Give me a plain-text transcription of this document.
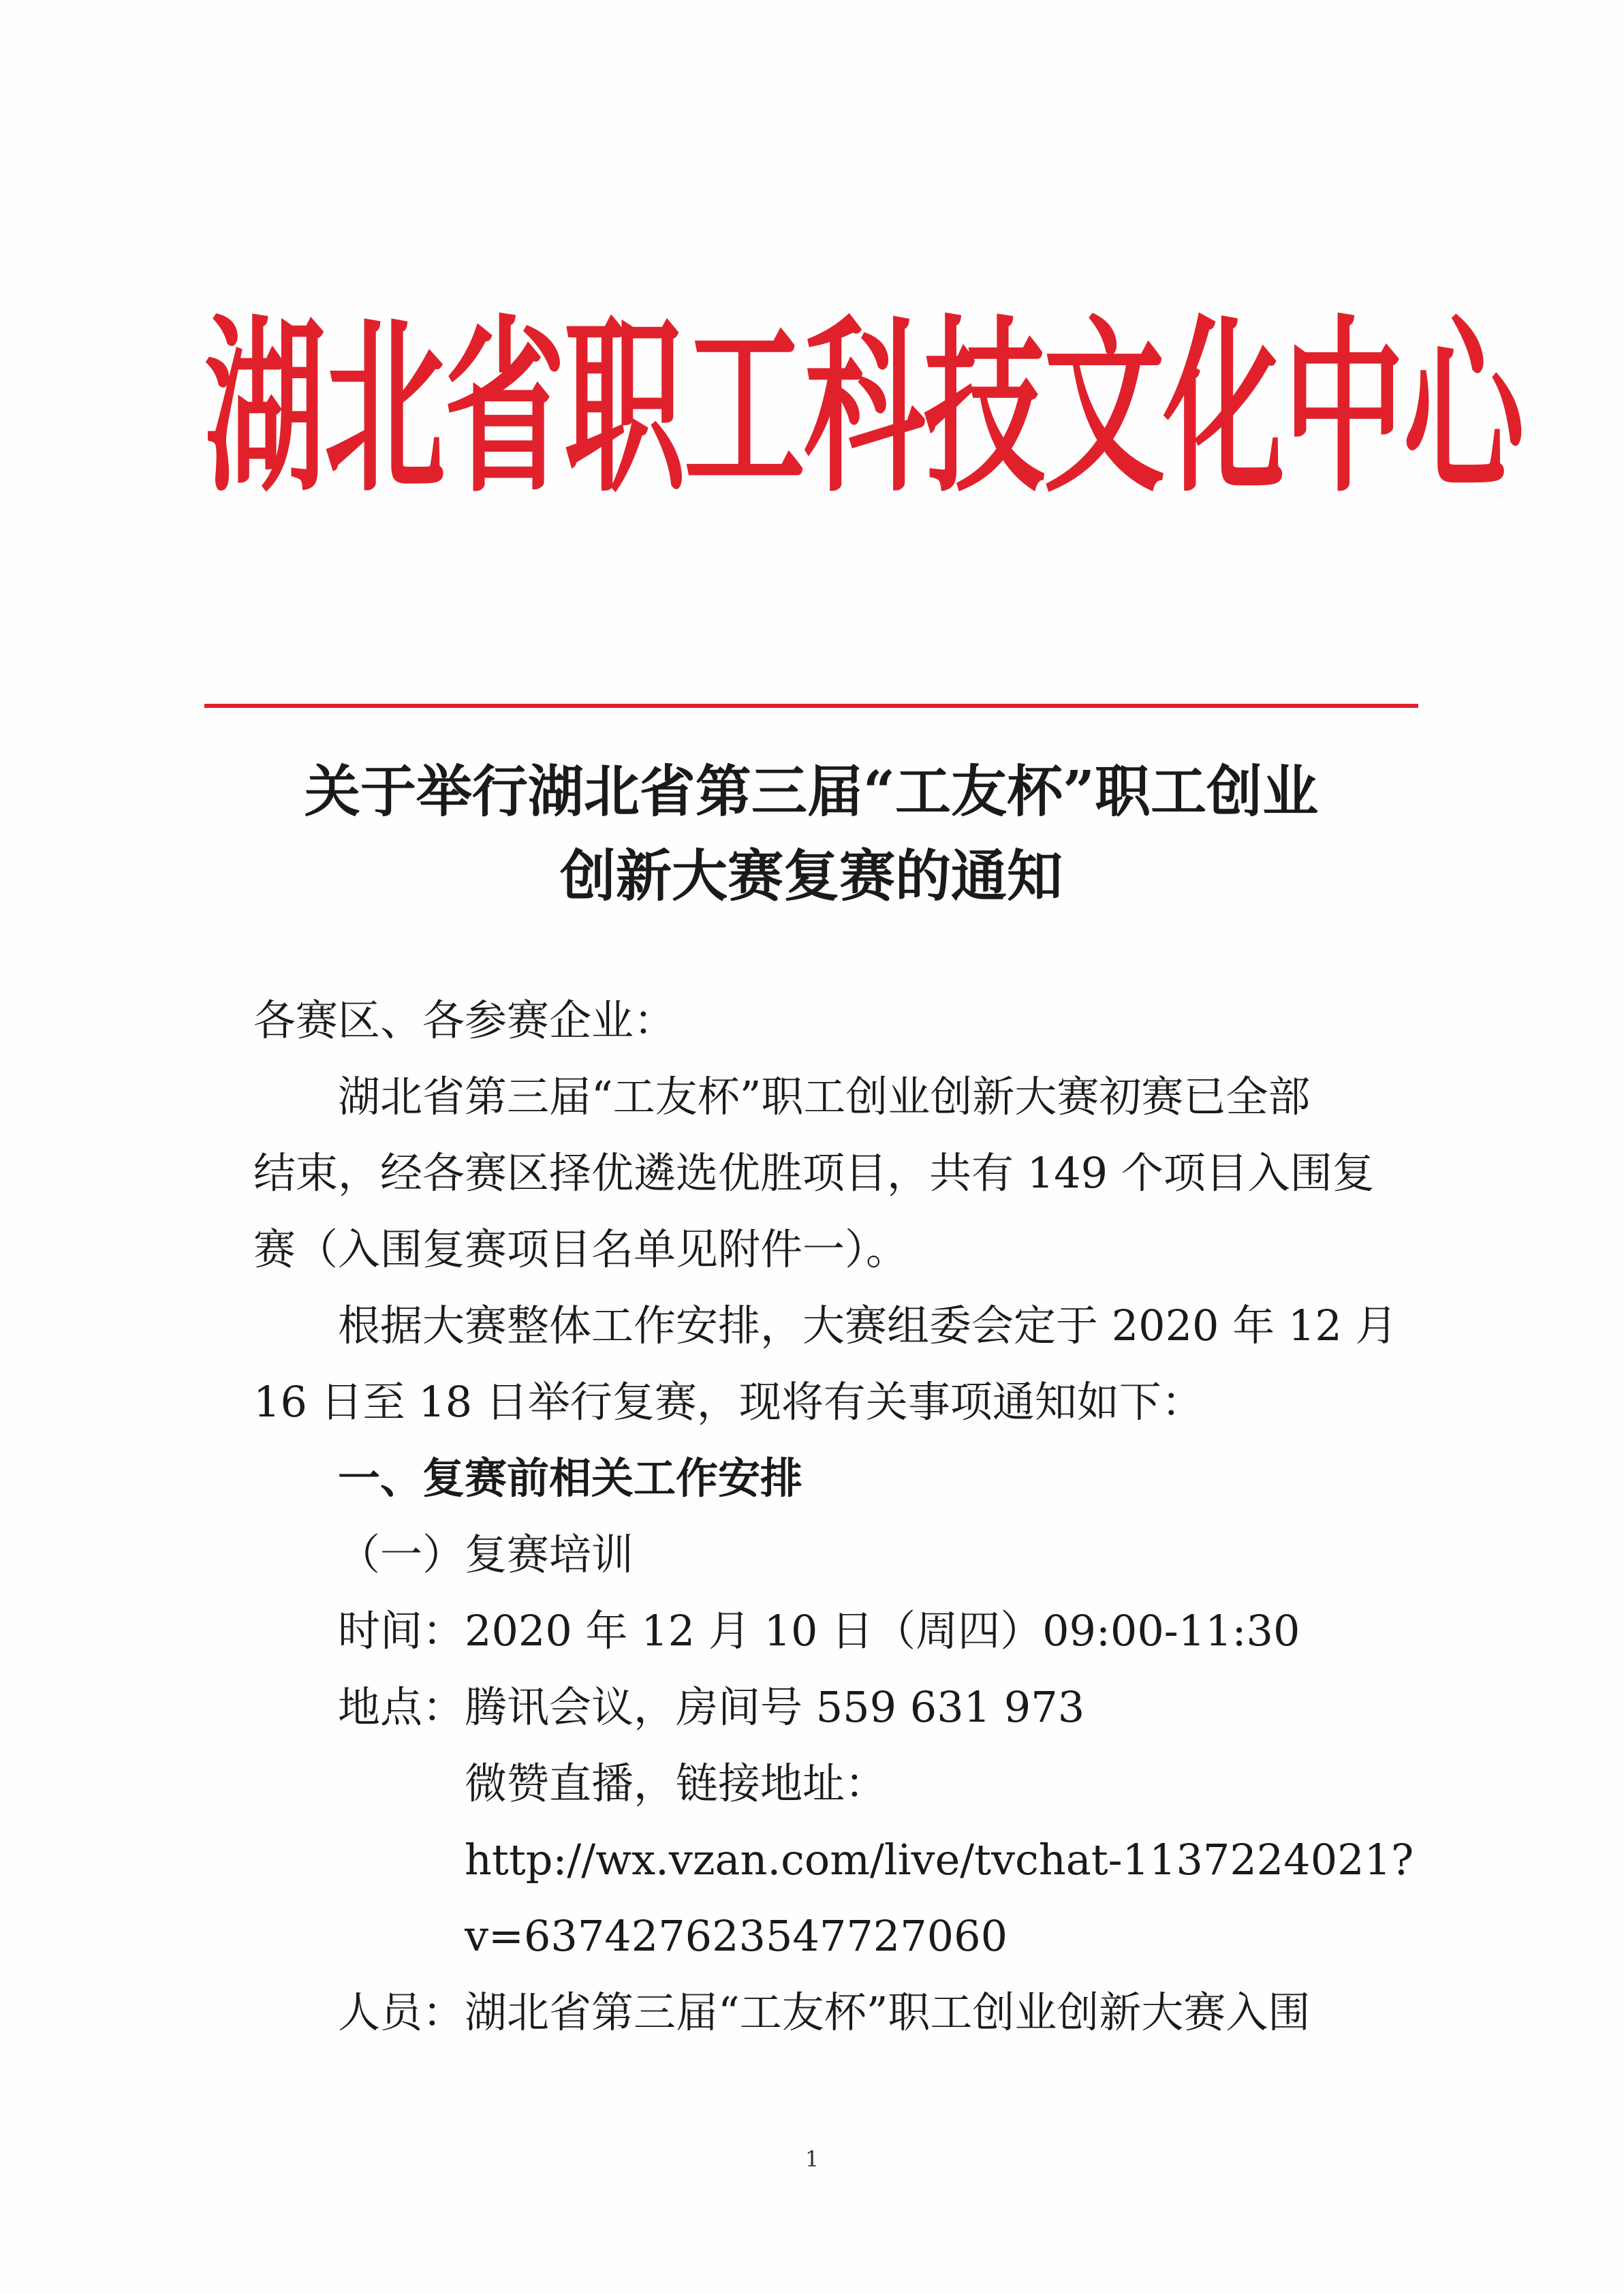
湖北省职工科技文化中心
关于举行湖北省第三届“工友杯”职工创业
创新大赛复赛的通知

各赛区、各参赛企业：

湖北省第三届“工友杯”职工创业创新大赛初赛已全部
结束，经各赛区择优遴选优胜项目，共有 149 个项目入围复
赛（入围复赛项目名单见附件一）。

根据大赛整体工作安排，大赛组委会定于 2020 年 12 月
16 日至 18 日举行复赛，现将有关事项通知如下：

一、复赛前相关工作安排
（一）复赛培训
时间：2020 年 12 月 10 日（周四）09:00-11:30
地点：腾讯会议，房间号 559 631 973
微赞直播，链接地址：
http://wx.vzan.com/live/tvchat-1137224021?
v=637427623547727060
人员：湖北省第三届“工友杯”职工创业创新大赛入围

1
